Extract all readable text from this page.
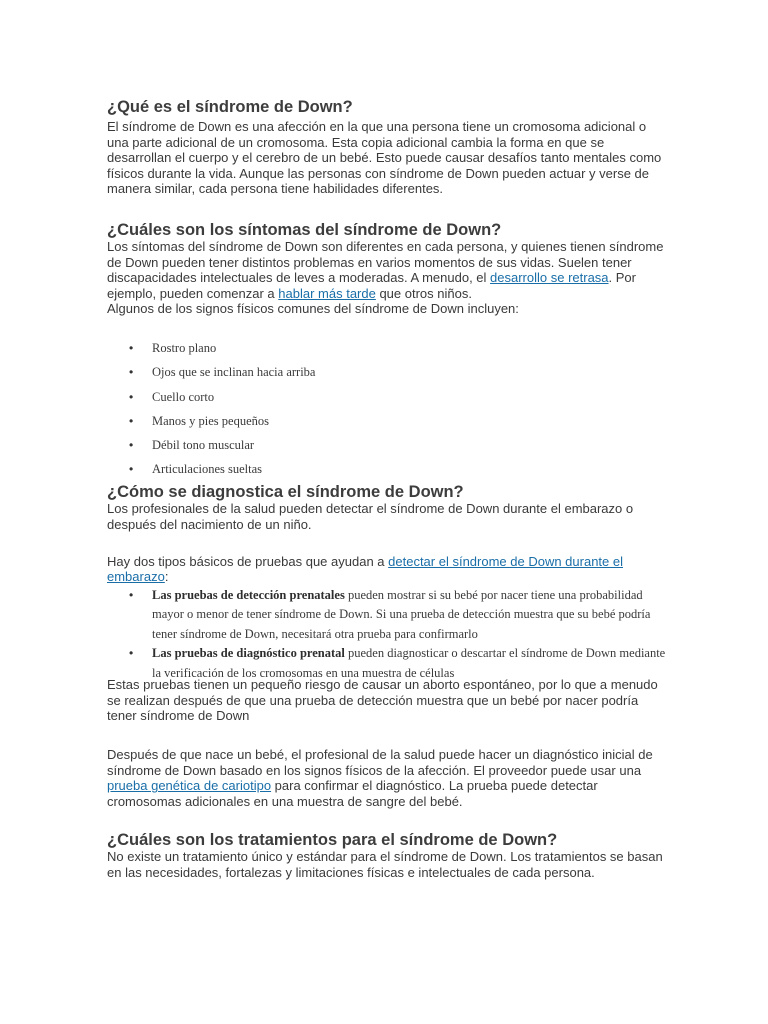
¿Qué es el síndrome de Down?

El síndrome de Down es una afección en la que una persona tiene un cromosoma adicional o una parte adicional de un cromosoma. Esta copia adicional cambia la forma en que se desarrollan el cuerpo y el cerebro de un bebé. Esto puede causar desafíos tanto mentales como físicos durante la vida. Aunque las personas con síndrome de Down pueden actuar y verse de manera similar, cada persona tiene habilidades diferentes.

¿Cuáles son los síntomas del síndrome de Down?

Los síntomas del síndrome de Down son diferentes en cada persona, y quienes tienen síndrome de Down pueden tener distintos problemas en varios momentos de sus vidas. Suelen tener discapacidades intelectuales de leves a moderadas. A menudo, el desarrollo se retrasa. Por ejemplo, pueden comenzar a hablar más tarde que otros niños.

Algunos de los signos físicos comunes del síndrome de Down incluyen:

• Rostro plano
• Ojos que se inclinan hacia arriba
• Cuello corto
• Manos y pies pequeños
• Débil tono muscular
• Articulaciones sueltas
¿Cómo se diagnostica el síndrome de Down?

Los profesionales de la salud pueden detectar el síndrome de Down durante el embarazo o después del nacimiento de un niño.

Hay dos tipos básicos de pruebas que ayudan a detectar el síndrome de Down durante el embarazo:

• Las pruebas de detección prenatales pueden mostrar si su bebé por nacer tiene una probabilidad mayor o menor de tener síndrome de Down. Si una prueba de detección muestra que su bebé podría tener síndrome de Down, necesitará otra prueba para confirmarlo
• Las pruebas de diagnóstico prenatal pueden diagnosticar o descartar el síndrome de Down mediante la verificación de los cromosomas en una muestra de células

Estas pruebas tienen un pequeño riesgo de causar un aborto espontáneo, por lo que a menudo se realizan después de que una prueba de detección muestra que un bebé por nacer podría tener síndrome de Down

Después de que nace un bebé, el profesional de la salud puede hacer un diagnóstico inicial de síndrome de Down basado en los signos físicos de la afección. El proveedor puede usar una prueba genética de cariotipo para confirmar el diagnóstico. La prueba puede detectar cromosomas adicionales en una muestra de sangre del bebé.

¿Cuáles son los tratamientos para el síndrome de Down?

No existe un tratamiento único y estándar para el síndrome de Down. Los tratamientos se basan en las necesidades, fortalezas y limitaciones físicas e intelectuales de cada persona.
